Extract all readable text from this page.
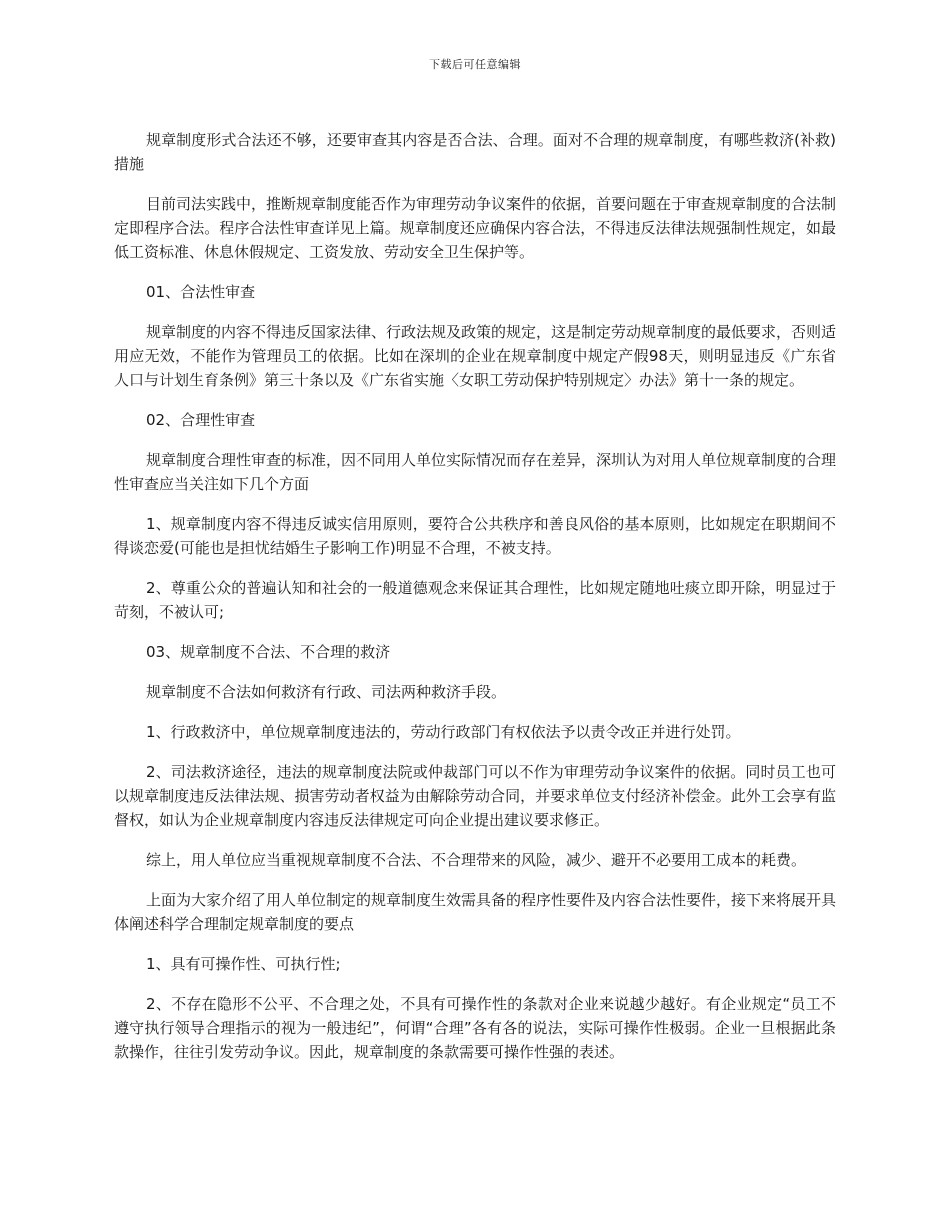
下载后可任意编辑

规章制度形式合法还不够，还要审查其内容是否合法、合理。面对不合理的规章制度，有哪些救济(补救)措施

目前司法实践中，推断规章制度能否作为审理劳动争议案件的依据，首要问题在于审查规章制度的合法制定即程序合法。程序合法性审查详见上篇。规章制度还应确保内容合法，不得违反法律法规强制性规定，如最低工资标准、休息休假规定、工资发放、劳动安全卫生保护等。

01、合法性审查

规章制度的内容不得违反国家法律、行政法规及政策的规定，这是制定劳动规章制度的最低要求，否则适用应无效，不能作为管理员工的依据。比如在深圳的企业在规章制度中规定产假98天，则明显违反《广东省人口与计划生育条例》第三十条以及《广东省实施〈女职工劳动保护特别规定〉办法》第十一条的规定。

02、合理性审查

规章制度合理性审查的标准，因不同用人单位实际情况而存在差异，深圳认为对用人单位规章制度的合理性审查应当关注如下几个方面

1、规章制度内容不得违反诚实信用原则，要符合公共秩序和善良风俗的基本原则，比如规定在职期间不得谈恋爱(可能也是担忧结婚生子影响工作)明显不合理，不被支持。

2、尊重公众的普遍认知和社会的一般道德观念来保证其合理性，比如规定随地吐痰立即开除，明显过于苛刻，不被认可;

03、规章制度不合法、不合理的救济

规章制度不合法如何救济有行政、司法两种救济手段。

1、行政救济中，单位规章制度违法的，劳动行政部门有权依法予以责令改正并进行处罚。

2、司法救济途径，违法的规章制度法院或仲裁部门可以不作为审理劳动争议案件的依据。同时员工也可以规章制度违反法律法规、损害劳动者权益为由解除劳动合同，并要求单位支付经济补偿金。此外工会享有监督权，如认为企业规章制度内容违反法律规定可向企业提出建议要求修正。

综上，用人单位应当重视规章制度不合法、不合理带来的风险，减少、避开不必要用工成本的耗费。

上面为大家介绍了用人单位制定的规章制度生效需具备的程序性要件及内容合法性要件，接下来将展开具体阐述科学合理制定规章制度的要点

1、具有可操作性、可执行性;

2、不存在隐形不公平、不合理之处，不具有可操作性的条款对企业来说越少越好。有企业规定“员工不遵守执行领导合理指示的视为一般违纪”，何谓“合理”各有各的说法，实际可操作性极弱。企业一旦根据此条款操作，往往引发劳动争议。因此，规章制度的条款需要可操作性强的表述。
